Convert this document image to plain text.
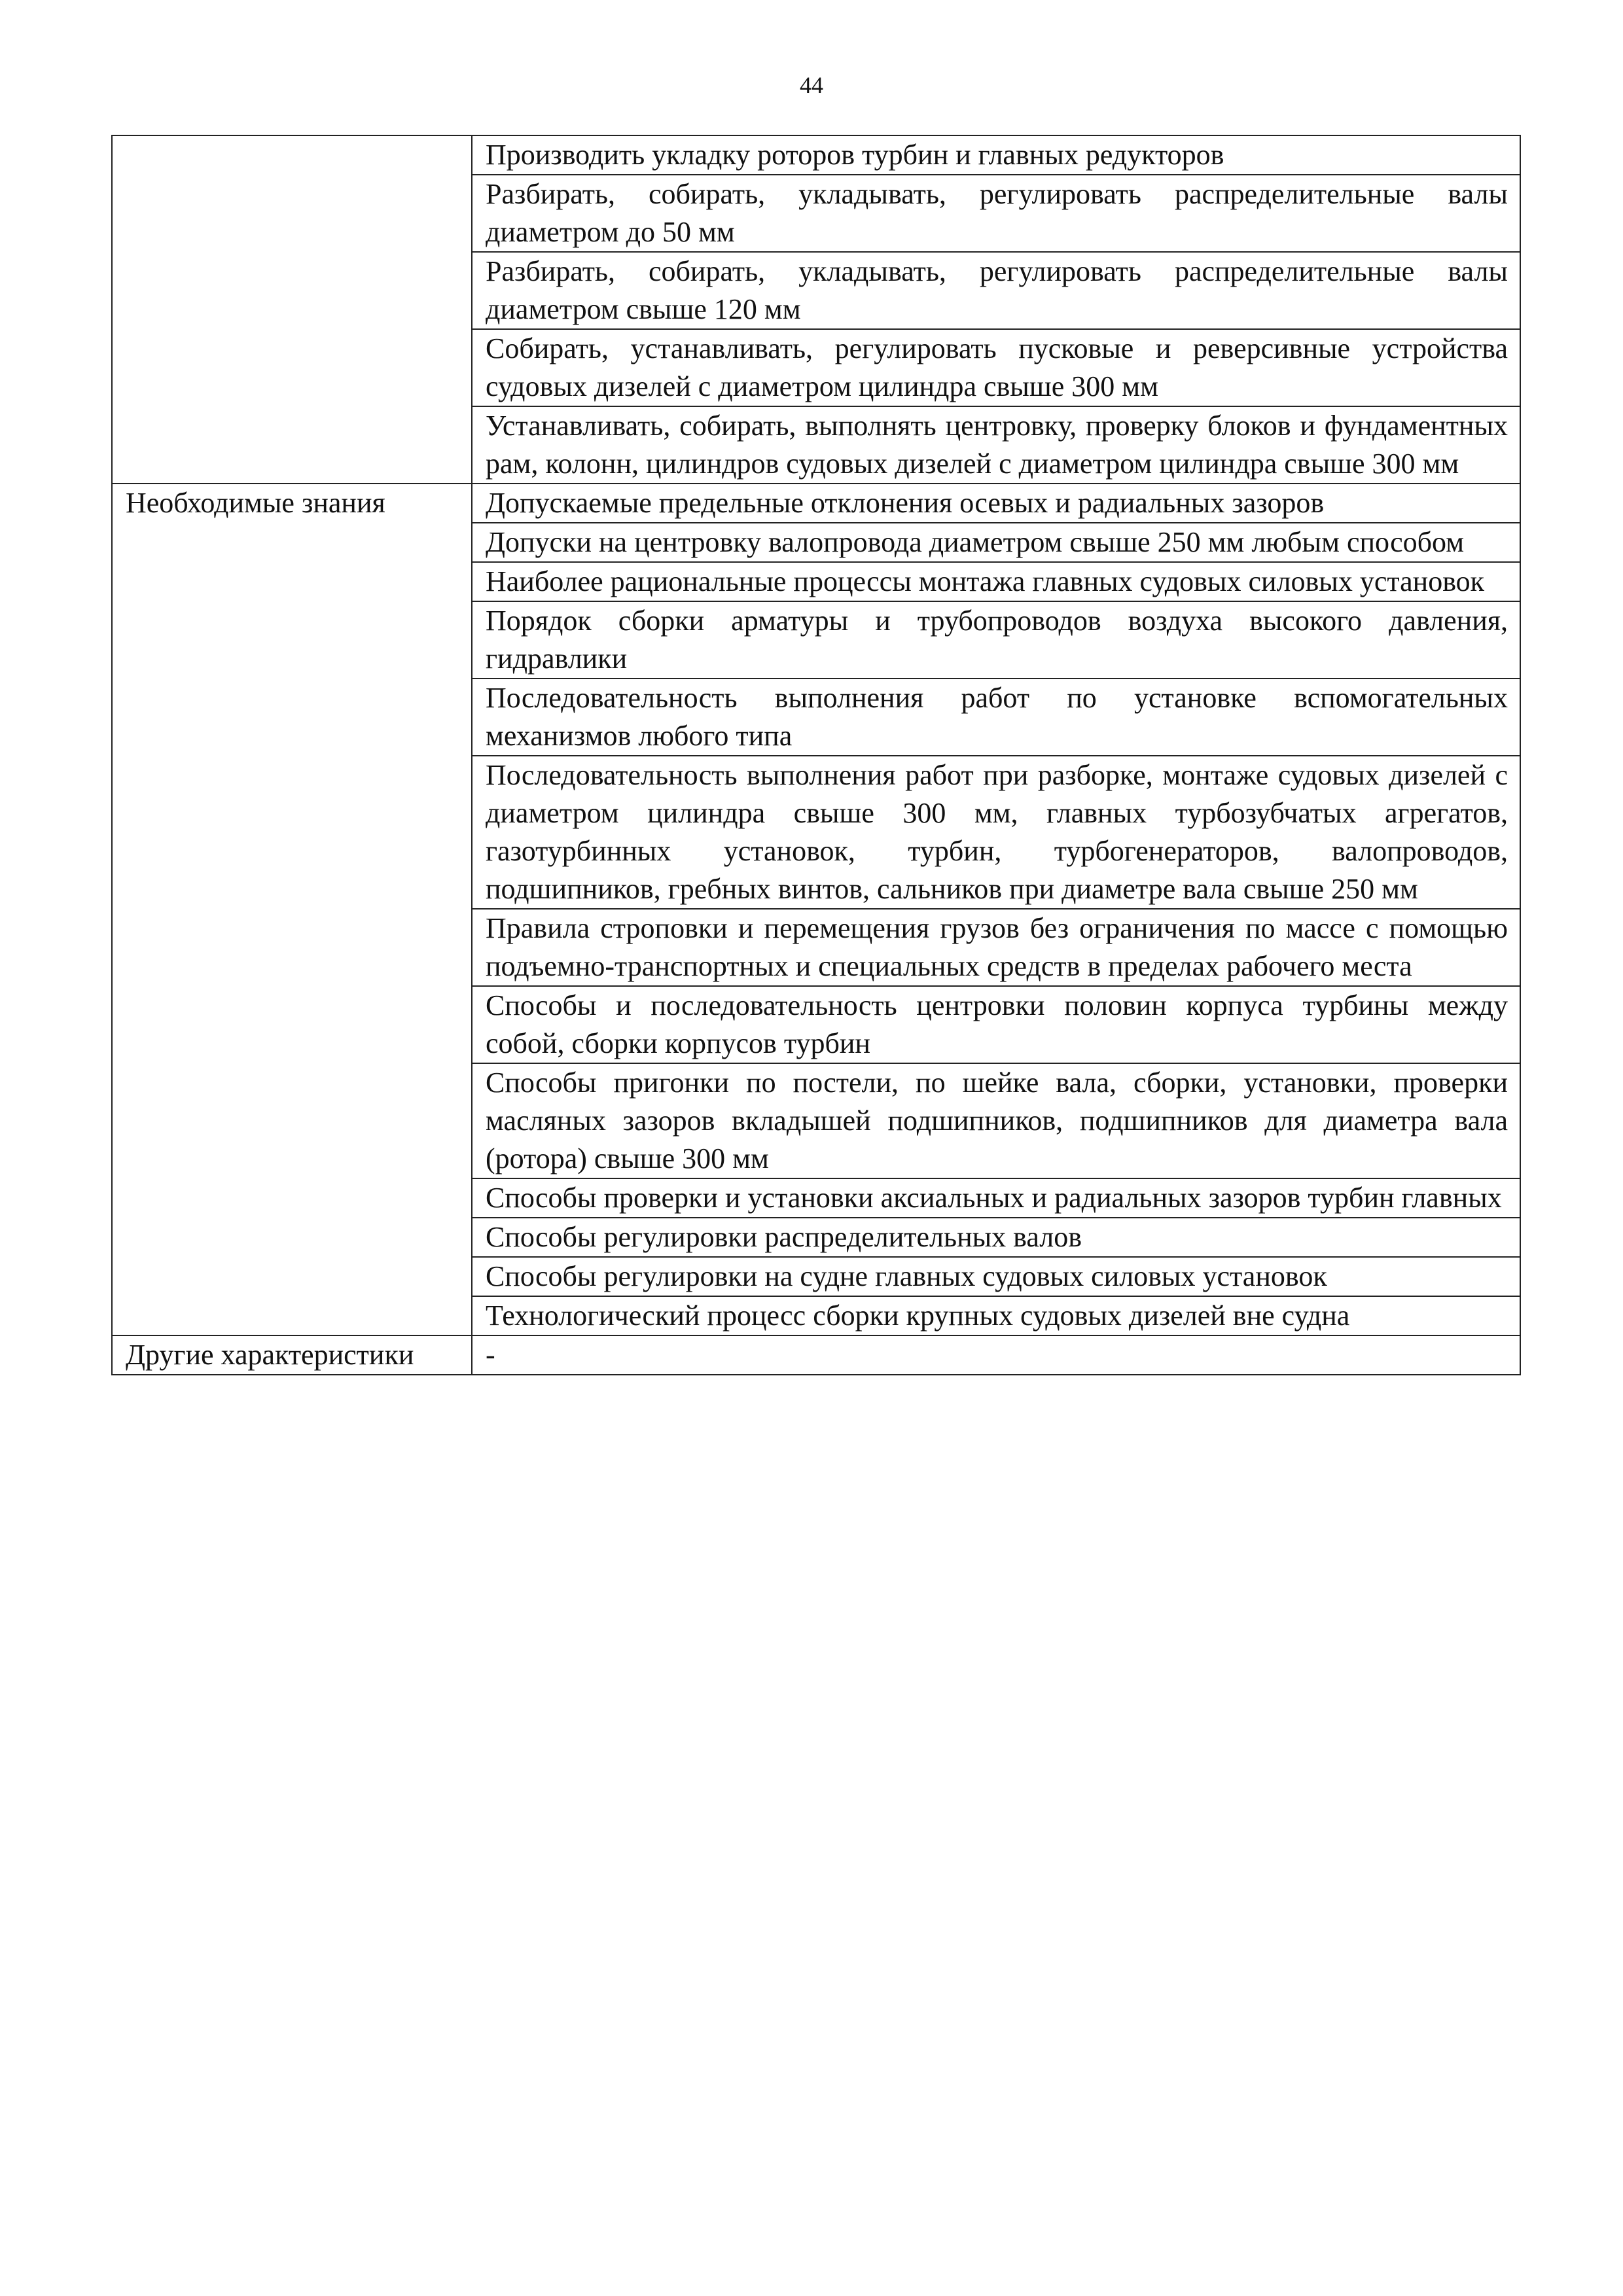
44
	Производить укладку роторов турбин и главных редукторов
	Разбирать, собирать, укладывать, регулировать распределительные валы диаметром до 50 мм
	Разбирать, собирать, укладывать, регулировать распределительные валы диаметром свыше 120 мм
	Собирать, устанавливать, регулировать пусковые и реверсивные устройства судовых дизелей с диаметром цилиндра свыше 300 мм
	Устанавливать, собирать, выполнять центровку, проверку блоков и фундаментных рам, колонн, цилиндров судовых дизелей с диаметром цилиндра свыше 300 мм
Необходимые знания	Допускаемые предельные отклонения осевых и радиальных зазоров
	Допуски на центровку валопровода диаметром свыше 250 мм любым способом
	Наиболее рациональные процессы монтажа главных судовых силовых установок
	Порядок сборки арматуры и трубопроводов воздуха высокого давления, гидравлики
	Последовательность выполнения работ по установке вспомогательных механизмов любого типа
	Последовательность выполнения работ при разборке, монтаже судовых дизелей с диаметром цилиндра свыше 300 мм, главных турбозубчатых агрегатов, газотурбинных установок, турбин, турбогенераторов, валопроводов, подшипников, гребных винтов, сальников при диаметре вала свыше 250 мм
	Правила строповки и перемещения грузов без ограничения по массе с помощью подъемно-транспортных и специальных средств в пределах рабочего места
	Способы и последовательность центровки половин корпуса турбины между собой, сборки корпусов турбин
	Способы пригонки по постели, по шейке вала, сборки, установки, проверки масляных зазоров вкладышей подшипников, подшипников для диаметра вала (ротора) свыше 300 мм
	Способы проверки и установки аксиальных и радиальных зазоров турбин главных
	Способы регулировки распределительных валов
	Способы регулировки на судне главных судовых силовых установок
	Технологический процесс сборки крупных судовых дизелей вне судна
Другие характеристики	-
